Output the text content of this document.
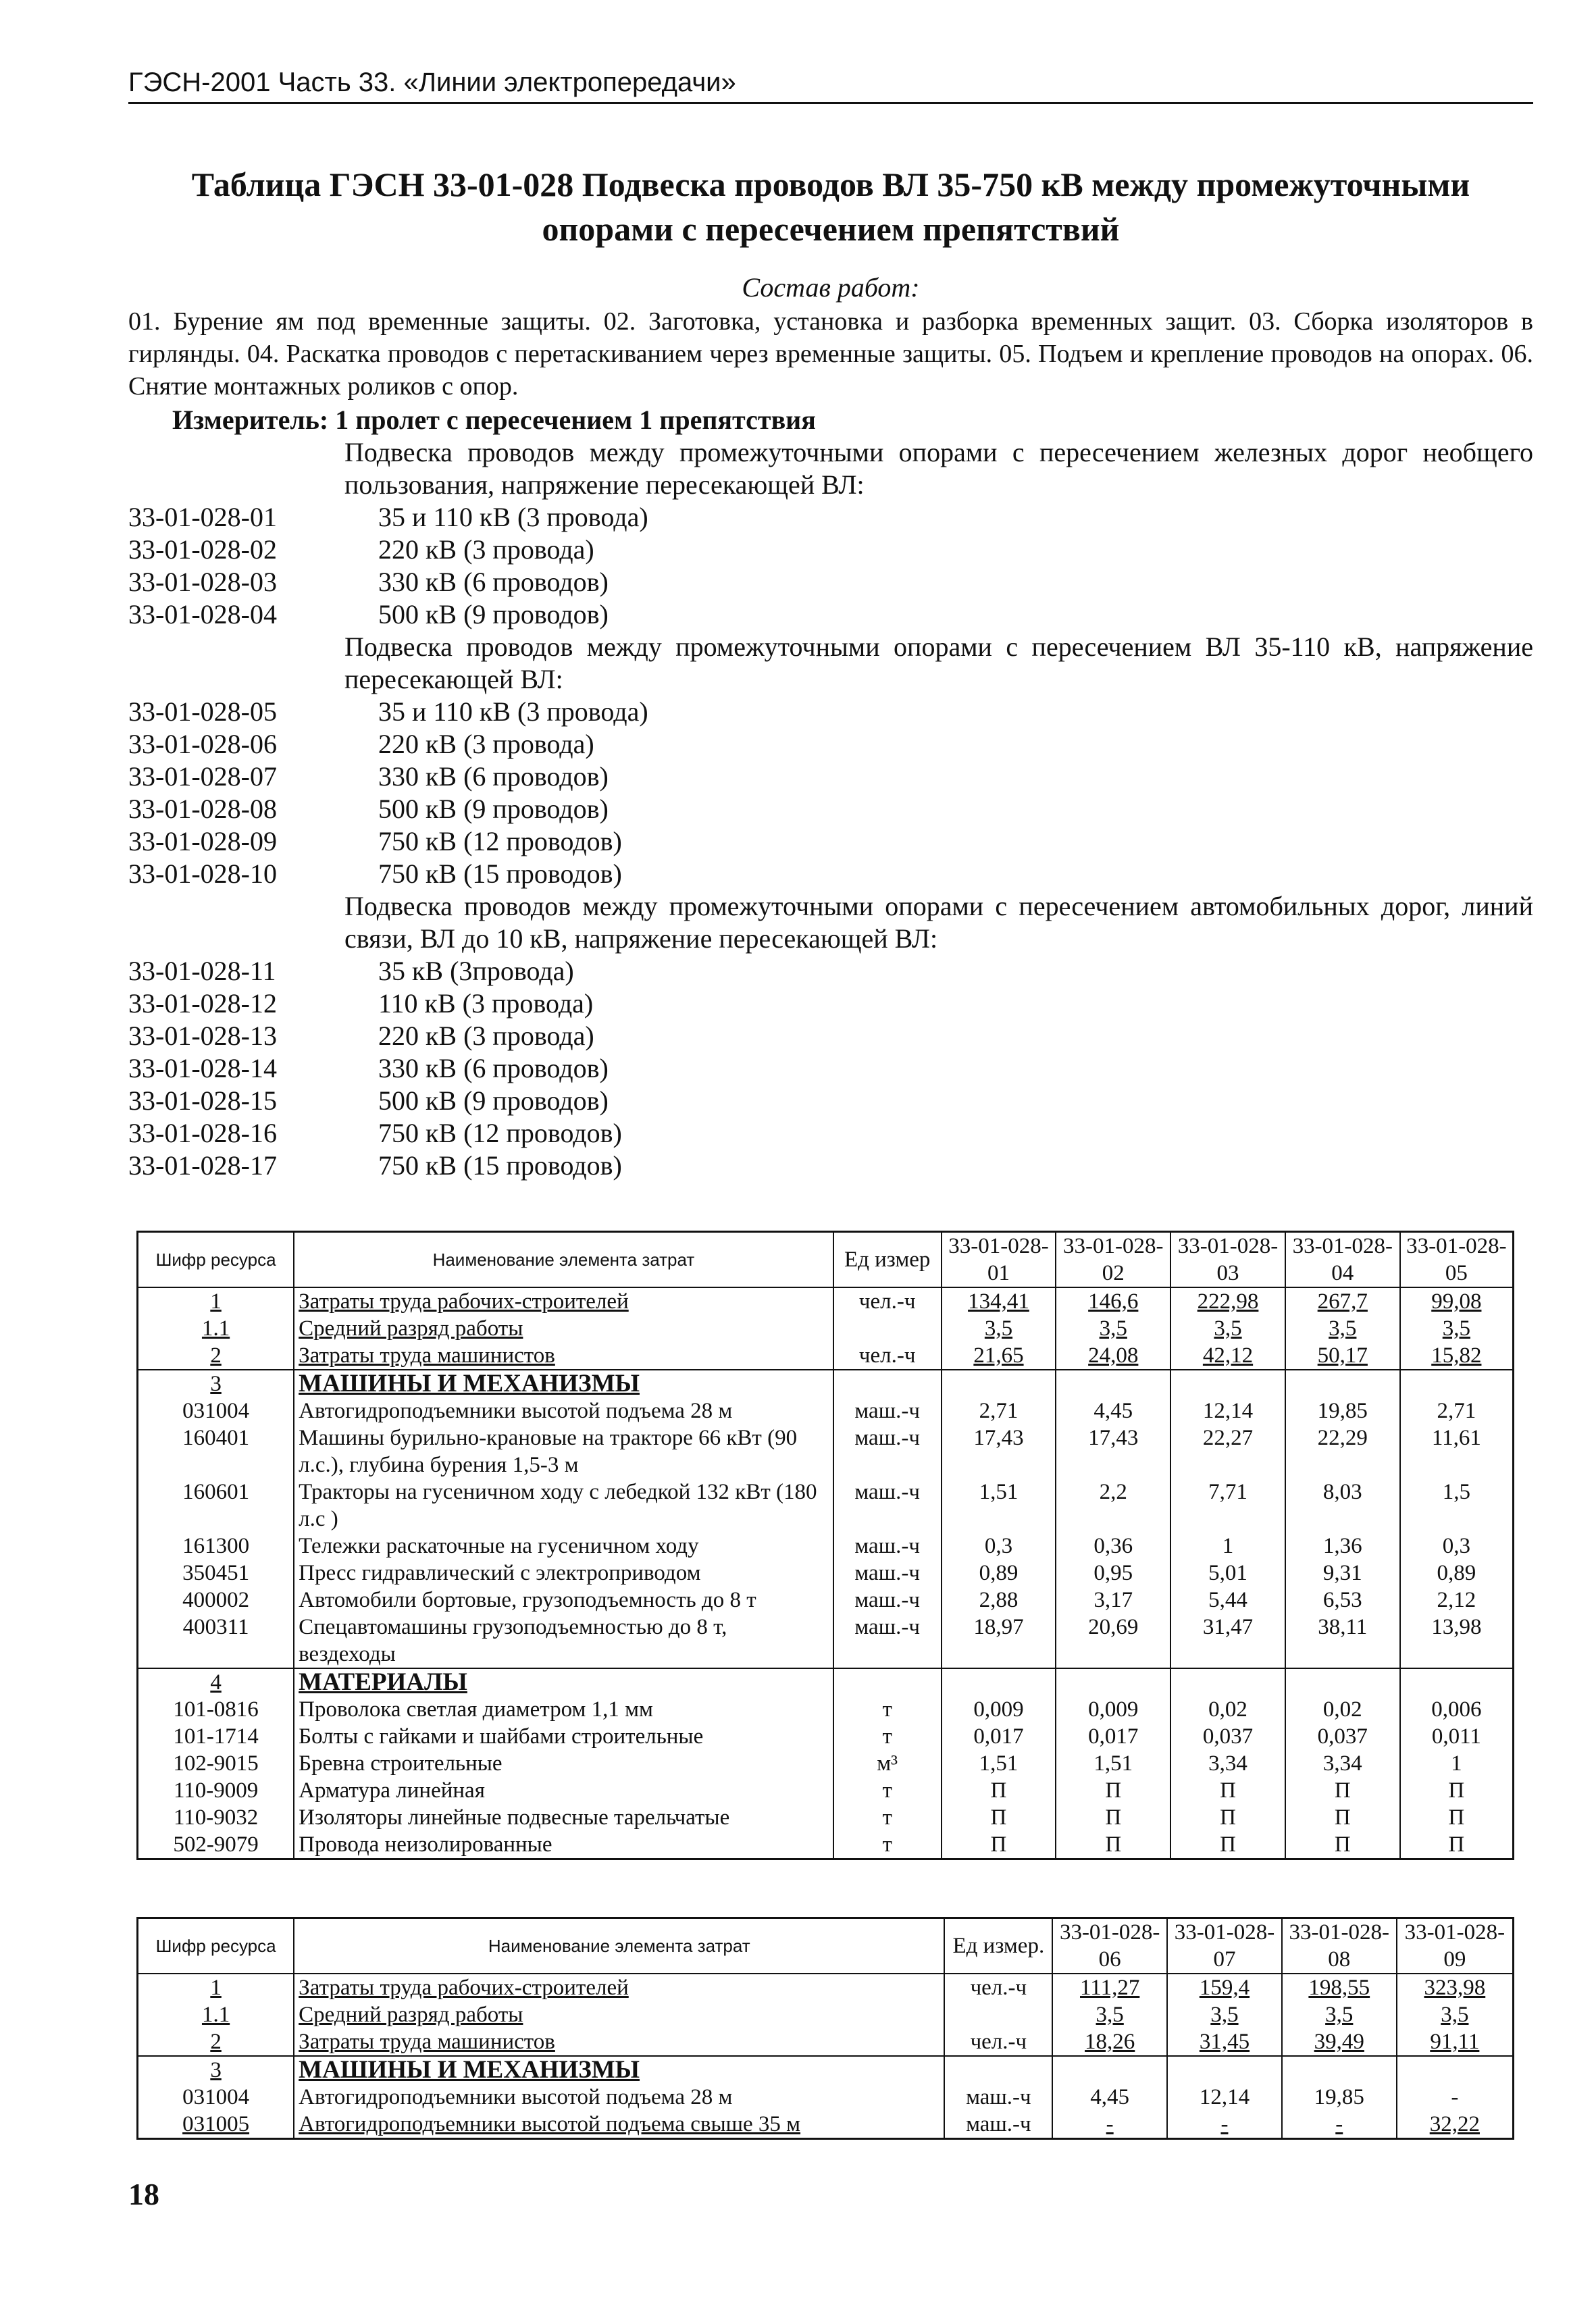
ГЭСН-2001 Часть 33. «Линии электропередачи»
Таблица ГЭСН 33-01-028 Подвеска проводов ВЛ 35-750 кВ между промежуточными опорами с пересечением препятствий
Состав работ:
01. Бурение ям под временные защиты. 02. Заготовка, установка и разборка временных защит. 03. Сборка изоляторов в гирлянды. 04. Раскатка проводов с перетаскиванием через временные защиты. 05. Подъем и крепление проводов на опорах. 06. Снятие монтажных роликов с опор.
Измеритель: 1 пролет с пересечением 1 препятствия
Подвеска проводов между промежуточными опорами с пересечением железных дорог необщего пользования, напряжение пересекающей ВЛ:
33-01-028-01	35 и 110 кВ (3 провода)
33-01-028-02	220 кВ (3 провода)
33-01-028-03	330 кВ (6 проводов)
33-01-028-04	500 кВ (9 проводов)
Подвеска проводов между промежуточными опорами с пересечением ВЛ 35-110 кВ, напряжение пересекающей ВЛ:
33-01-028-05	35 и 110 кВ (3 провода)
33-01-028-06	220 кВ (3 провода)
33-01-028-07	330 кВ (6 проводов)
33-01-028-08	500 кВ (9 проводов)
33-01-028-09	750 кВ (12 проводов)
33-01-028-10	750 кВ (15 проводов)
Подвеска проводов между промежуточными опорами с пересечением автомобильных дорог, линий связи, ВЛ до 10 кВ, напряжение пересекающей ВЛ:
33-01-028-11	35 кВ (3провода)
33-01-028-12	110 кВ (3 провода)
33-01-028-13	220 кВ (3 провода)
33-01-028-14	330 кВ (6 проводов)
33-01-028-15	500 кВ (9 проводов)
33-01-028-16	750 кВ (12 проводов)
33-01-028-17	750 кВ (15 проводов)
Шифр ресурса	Наименование элемента затрат	Ед измер	33-01-028-01	33-01-028-02	33-01-028-03	33-01-028-04	33-01-028-05
1	Затраты труда рабочих-строителей	чел.-ч	134,41	146,6	222,98	267,7	99,08
1.1	Средний разряд работы		3,5	3,5	3,5	3,5	3,5
2	Затраты труда машинистов	чел.-ч	21,65	24,08	42,12	50,17	15,82
3	МАШИНЫ И МЕХАНИЗМЫ						
031004	Автогидроподъемники высотой подъема 28 м	маш.-ч	2,71	4,45	12,14	19,85	2,71
160401	Машины бурильно-крановые на тракторе 66 кВт (90 л.с.), глубина бурения 1,5-3 м	маш.-ч	17,43	17,43	22,27	22,29	11,61
160601	Тракторы на гусеничном ходу с лебедкой 132 кВт (180 л.с )	маш.-ч	1,51	2,2	7,71	8,03	1,5
161300	Тележки раскаточные на гусеничном ходу	маш.-ч	0,3	0,36	1	1,36	0,3
350451	Пресс гидравлический с электроприводом	маш.-ч	0,89	0,95	5,01	9,31	0,89
400002	Автомобили бортовые, грузоподъемность до 8 т	маш.-ч	2,88	3,17	5,44	6,53	2,12
400311	Спецавтомашины грузоподъемностью до 8 т, вездеходы	маш.-ч	18,97	20,69	31,47	38,11	13,98
4	МАТЕРИАЛЫ						
101-0816	Проволока светлая диаметром 1,1 мм	т	0,009	0,009	0,02	0,02	0,006
101-1714	Болты с гайками и шайбами строительные	т	0,017	0,017	0,037	0,037	0,011
102-9015	Бревна строительные	м³	1,51	1,51	3,34	3,34	1
110-9009	Арматура линейная	т	П	П	П	П	П
110-9032	Изоляторы линейные подвесные тарельчатые	т	П	П	П	П	П
502-9079	Провода неизолированные	т	П	П	П	П	П
Шифр ресурса	Наименование элемента затрат	Ед измер.	33-01-028-06	33-01-028-07	33-01-028-08	33-01-028-09
1	Затраты труда рабочих-строителей	чел.-ч	111,27	159,4	198,55	323,98
1.1	Средний разряд работы		3,5	3,5	3,5	3,5
2	Затраты труда машинистов	чел.-ч	18,26	31,45	39,49	91,11
3	МАШИНЫ И МЕХАНИЗМЫ					
031004	Автогидроподъемники высотой подъема 28 м	маш.-ч	4,45	12,14	19,85	-
031005	Автогидроподъемники высотой подъема свыше 35 м	маш.-ч	-	-	-	32,22
18
